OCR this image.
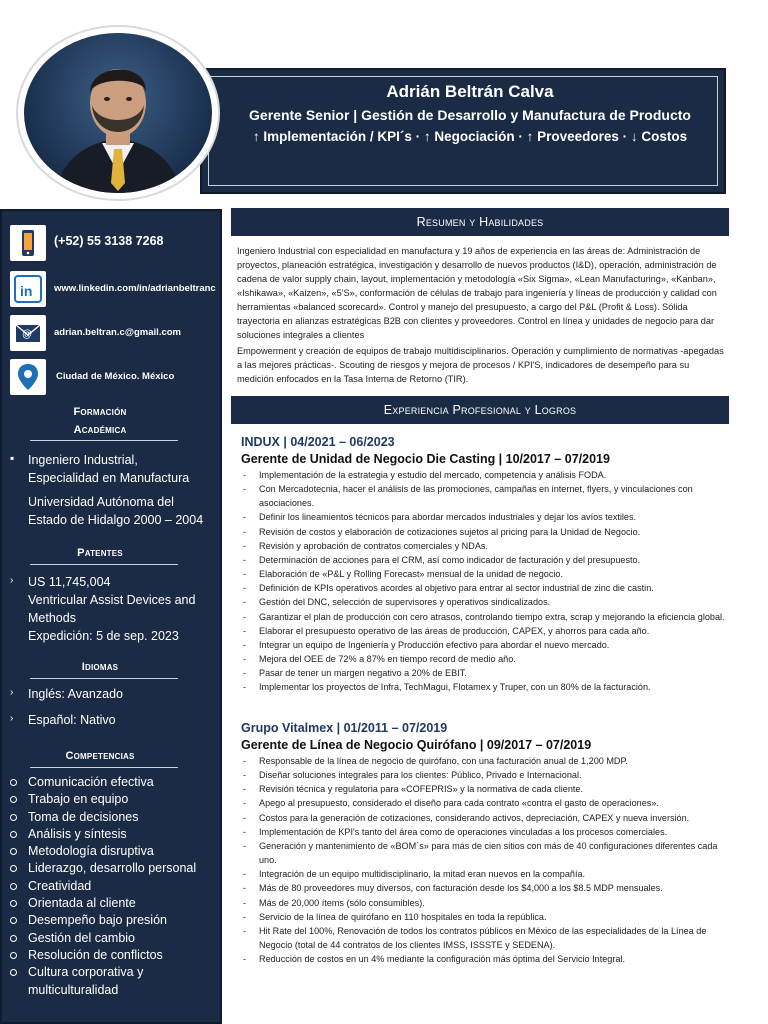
Adrián Beltrán Calva
Gerente Senior | Gestión de Desarrollo y Manufactura de Producto
↑ Implementación / KPI´s · ↑ Negociación · ↑ Proveedores · ↓ Costos
(+52) 55 3138 7268
in www.linkedin.com/in/adrianbeltranc
@ adrian.beltran.c@gmail.com
Ciudad de México. México
Formación
Académica
▪ Ingeniero Industrial,
Especialidad en Manufactura
Universidad Autónoma del
Estado de Hidalgo 2000 – 2004
Patentes
› US 11,745,004
Ventricular Assist Devices and
Methods
Expedición: 5 de sep. 2023
Idiomas
› Inglés: Avanzado
› Español: Nativo
Competencias
Comunicación efectiva
Trabajo en equipo
Toma de decisiones
Análisis y síntesis
Metodología disruptiva
Liderazgo, desarrollo personal
Creatividad
Orientada al cliente
Desempeño bajo presión
Gestión del cambio
Resolución de conflictos
Cultura corporativa y
multiculturalidad
Resumen y Habilidades

Ingeniero Industrial con especialidad en manufactura y 19 años de experiencia en las áreas de: Administración de proyectos, planeación estratégica, investigación y desarrollo de nuevos productos (I&D), operación, administración de cadena de valor supply chain, layout, implementación y metodología «Six Sigma», «Lean Manufacturing», «Kanban», «Ishikawa», «Kaizen», «5'S», conformación de células de trabajo para ingeniería y líneas de producción y calidad con herramientas «balanced scorecard». Control y manejo del presupuesto, a cargo del P&L (Profit & Loss). Sólida trayectoria en alianzas estratégicas B2B con clientes y proveedores. Control en línea y unidades de negocio para dar soluciones integrales a clientes

Empowerment y creación de equipos de trabajo multidisciplinarios. Operación y cumplimiento de normativas -apegadas a las mejores prácticas-. Scouting de riesgos y mejora de procesos / KPI'S, indicadores de desempeño para su medición enfocados en la Tasa Interna de Retorno (TIR).

Experiencia Profesional y Logros
INDUX | 04/2021 – 06/2023
Gerente de Unidad de Negocio Die Casting | 10/2017 – 07/2019
- Implementación de la estrategia y estudio del mercado, competencia y análisis FODA.
- Con Mercadotecnia, hacer el análisis de las promociones, campañas en internet, flyers, y vinculaciones con asociaciones.
- Definir los lineamientos técnicos para abordar mercados industriales y dejar los avíos textiles.
- Revisión de costos y elaboración de cotizaciones sujetos al pricing para la Unidad de Negocio.
- Revisión y aprobación de contratos comerciales y NDAs.
- Determinación de acciones para el CRM, así como indicador de facturación y del presupuesto.
- Elaboración de «P&L y Rolling Forecast» mensual de la unidad de negocio.
- Definición de KPIs operativos acordes al objetivo para entrar al sector industrial de zinc die castin.
- Gestión del DNC, selección de supervisores y operativos sindicalizados.
- Garantizar el plan de producción con cero atrasos, controlando tiempo extra, scrap y mejorando la eficiencia global.
- Elaborar el presupuesto operativo de las áreas de producción, CAPEX, y ahorros para cada año.
- Integrar un equipo de Ingeniería y Producción efectivo para abordar el nuevo mercado.
- Mejora del OEE de 72% a 87% en tiempo record de medio año.
- Pasar de tener un margen negativo a 20% de EBIT.
- Implementar los proyectos de Infra, TechMagui, Flotamex y Truper, con un 80% de la facturación.
Grupo Vitalmex | 01/2011 – 07/2019
Gerente de Línea de Negocio Quirófano | 09/2017 – 07/2019
- Responsable de la línea de negocio de quirófano, con una facturación anual de 1,200 MDP.
- Diseñar soluciones integrales para los clientes: Público, Privado e Internacional.
- Revisión técnica y regulatoria para «COFEPRIS» y la normativa de cada cliente.
- Apego al presupuesto, considerado el diseño para cada contrato «contra el gasto de operaciones».
- Costos para la generación de cotizaciones, considerando activos, depreciación, CAPEX y nueva inversión.
- Implementación de KPI's tanto del área como de operaciones vinculadas a los procesos comerciales.
- Generación y mantenimiento de «BOM´s» para más de cien sitios con más de 40 configuraciones diferentes cada uno.
- Integración de un equipo multidisciplinario, la mitad eran nuevos en la compañía.
- Más de 80 proveedores muy diversos, con facturación desde los $4,000 a los $8.5 MDP mensuales.
- Más de 20,000 ítems (sólo consumibles).
- Servicio de la línea de quirófano en 110 hospitales en toda la república.
- Hit Rate del 100%, Renovación de todos los contratos públicos en México de las especialidades de la Línea de Negocio (total de 44 contratos de los clientes IMSS, ISSSTE y SEDENA).
- Reducción de costos en un 4% mediante la configuración más óptima del Servicio Integral.
